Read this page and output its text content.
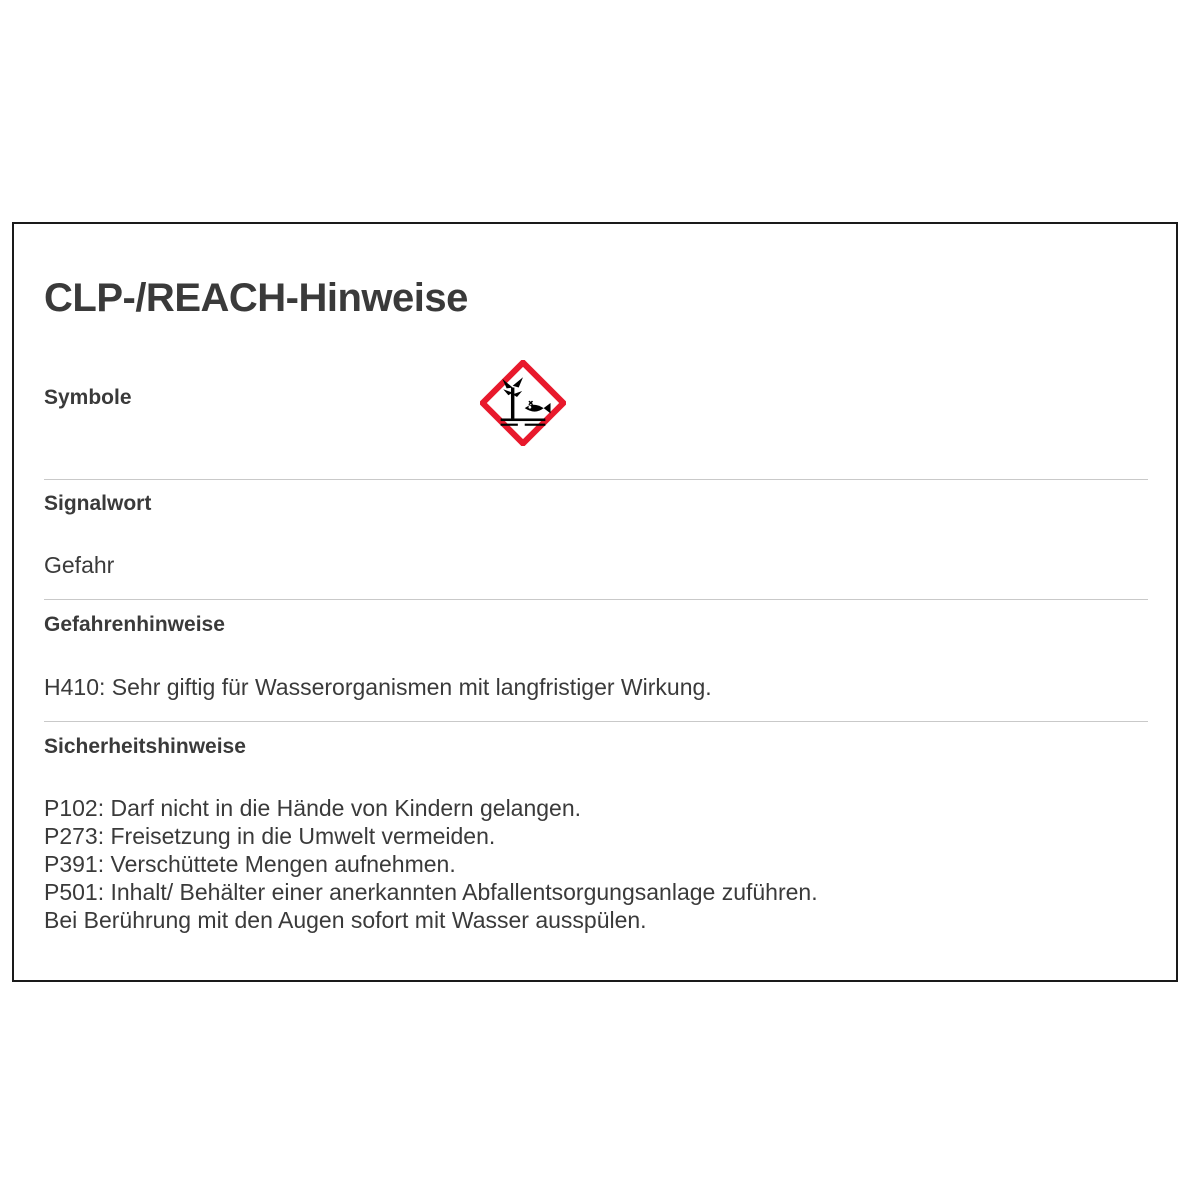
CLP-/REACH-Hinweise
Symbole
Signalwort
Gefahr
Gefahrenhinweise
H410: Sehr giftig für Wasserorganismen mit langfristiger Wirkung.
Sicherheitshinweise
P102: Darf nicht in die Hände von Kindern gelangen.
P273: Freisetzung in die Umwelt vermeiden.
P391: Verschüttete Mengen aufnehmen.
P501: Inhalt/ Behälter einer anerkannten Abfallentsorgungsanlage zuführen.
Bei Berührung mit den Augen sofort mit Wasser ausspülen.
